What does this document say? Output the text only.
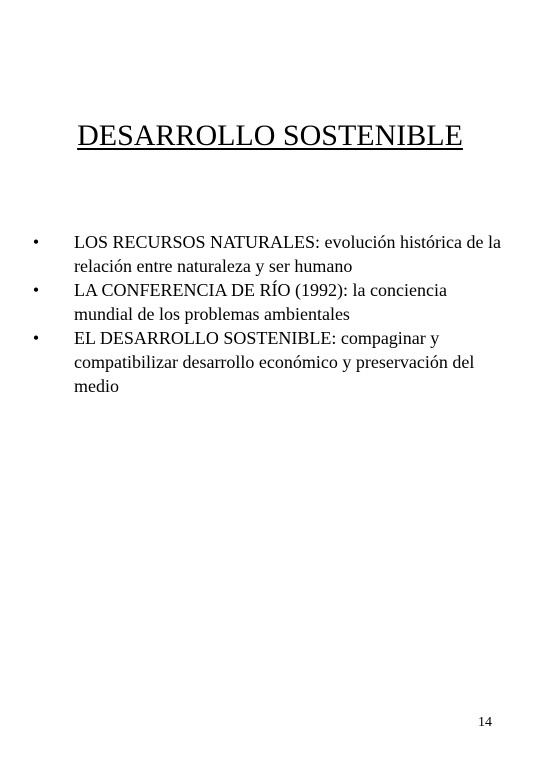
DESARROLLO SOSTENIBLE
• LOS RECURSOS NATURALES: evolución histórica de la relación entre naturaleza y ser humano
• LA CONFERENCIA DE RÍO (1992): la conciencia mundial de los problemas ambientales
• EL DESARROLLO SOSTENIBLE: compaginar y compatibilizar desarrollo económico y preservación del medio
14
